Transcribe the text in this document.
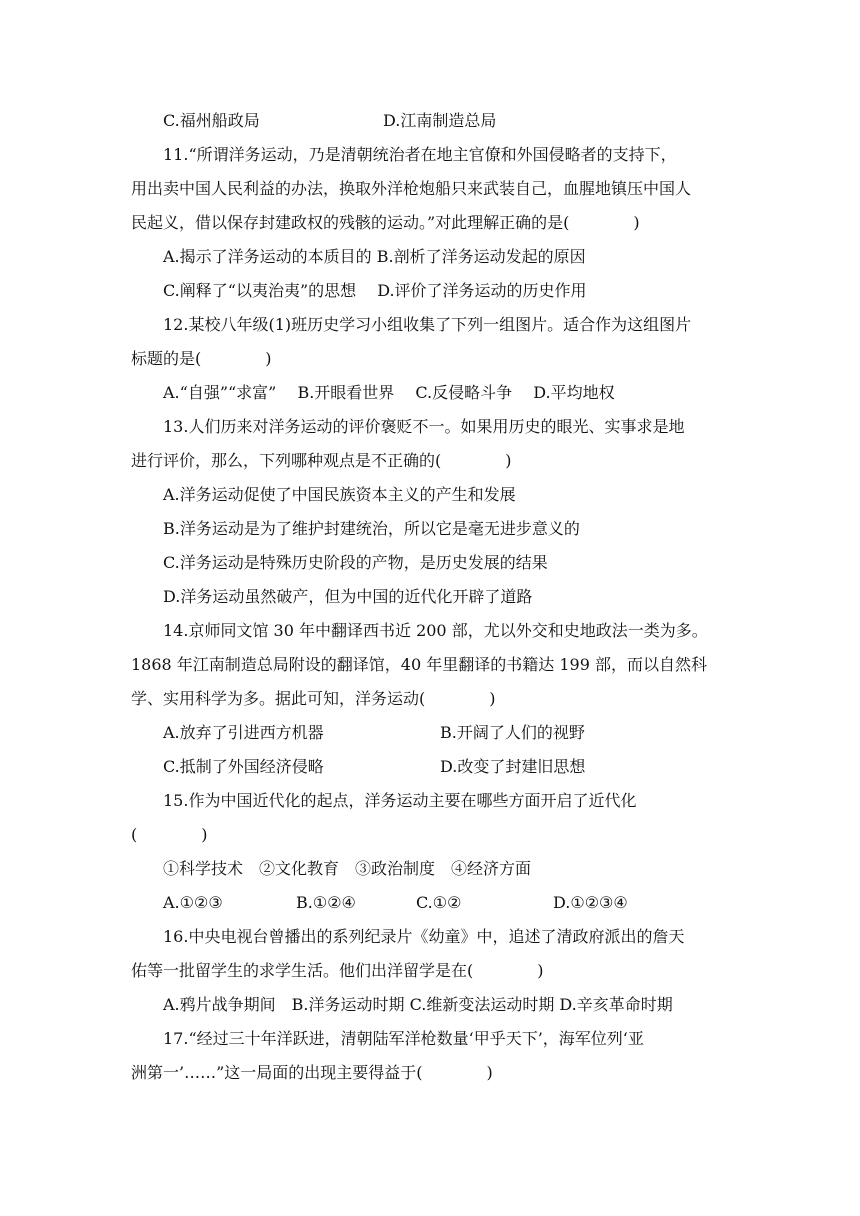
C.福州船政局	D.江南制造总局
11.“所谓洋务运动，乃是清朝统治者在地主官僚和外国侵略者的支持下，
用出卖中国人民利益的办法，换取外洋枪炮船只来武装自己，血腥地镇压中国人
民起义，借以保存封建政权的残骸的运动。”对此理解正确的是(　　　　)
A.揭示了洋务运动的本质目的 B.剖析了洋务运动发起的原因
C.阐释了“以夷治夷”的思想　 D.评价了洋务运动的历史作用
12.某校八年级(1)班历史学习小组收集了下列一组图片。适合作为这组图片
标题的是(　　　　)
A.“自强”“求富”　 B.开眼看世界　 C.反侵略斗争　 D.平均地权
13.人们历来对洋务运动的评价褒贬不一。如果用历史的眼光、实事求是地
进行评价，那么，下列哪种观点是不正确的(　　　　)
A.洋务运动促使了中国民族资本主义的产生和发展
B.洋务运动是为了维护封建统治，所以它是毫无进步意义的
C.洋务运动是特殊历史阶段的产物，是历史发展的结果
D.洋务运动虽然破产，但为中国的近代化开辟了道路
14.京师同文馆 30 年中翻译西书近 200 部，尤以外交和史地政法一类为多。
1868 年江南制造总局附设的翻译馆，40 年里翻译的书籍达 199 部，而以自然科
学、实用科学为多。据此可知，洋务运动(　　　　)
A.放弃了引进西方机器	B.开阔了人们的视野
C.抵制了外国经济侵略	D.改变了封建旧思想
15.作为中国近代化的起点，洋务运动主要在哪些方面开启了近代化
(　　　　)
①科学技术　②文化教育　③政治制度　④经济方面
A.①②③	B.①②④	C.①②	D.①②③④
16.中央电视台曾播出的系列纪录片《幼童》中，追述了清政府派出的詹天
佑等一批留学生的求学生活。他们出洋留学是在(　　　　)
A.鸦片战争期间　B.洋务运动时期 C.维新变法运动时期 D.辛亥革命时期
17.“经过三十年洋跃进，清朝陆军洋枪数量‘甲乎天下’，海军位列‘亚
洲第一’……”这一局面的出现主要得益于(　　　　)
